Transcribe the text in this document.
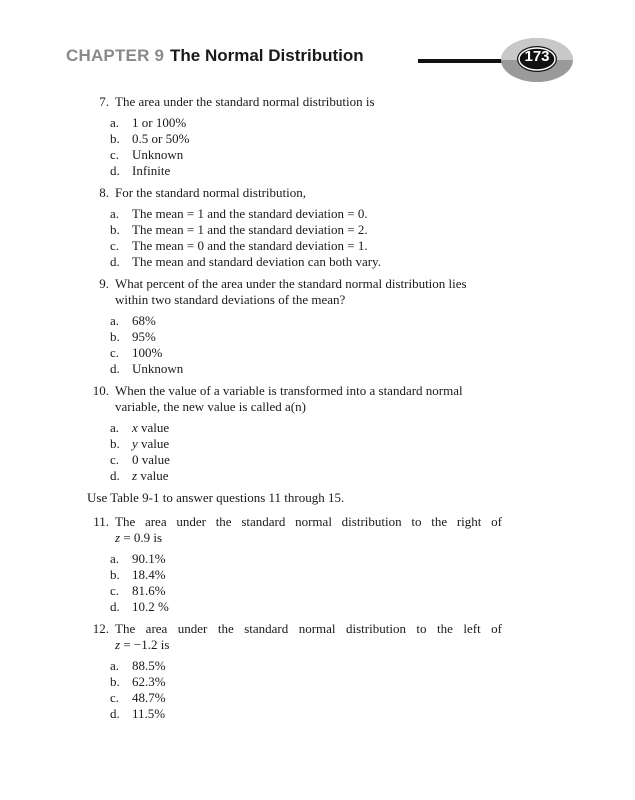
CHAPTER 9 The Normal Distribution	173
7. The area under the standard normal distribution is
a. 1 or 100%
b. 0.5 or 50%
c. Unknown
d. Infinite
8. For the standard normal distribution,
a. The mean = 1 and the standard deviation = 0.
b. The mean = 1 and the standard deviation = 2.
c. The mean = 0 and the standard deviation = 1.
d. The mean and standard deviation can both vary.
9. What percent of the area under the standard normal distribution lies
within two standard deviations of the mean?
a. 68%
b. 95%
c. 100%
d. Unknown
10. When the value of a variable is transformed into a standard normal
variable, the new value is called a(n)
a. x value
b. y value
c. 0 value
d. z value
Use Table 9-1 to answer questions 11 through 15.
11. The area under the standard normal distribution to the right of
z = 0.9 is
a. 90.1%
b. 18.4%
c. 81.6%
d. 10.2 %
12. The area under the standard normal distribution to the left of
z = −1.2 is
a. 88.5%
b. 62.3%
c. 48.7%
d. 11.5%
